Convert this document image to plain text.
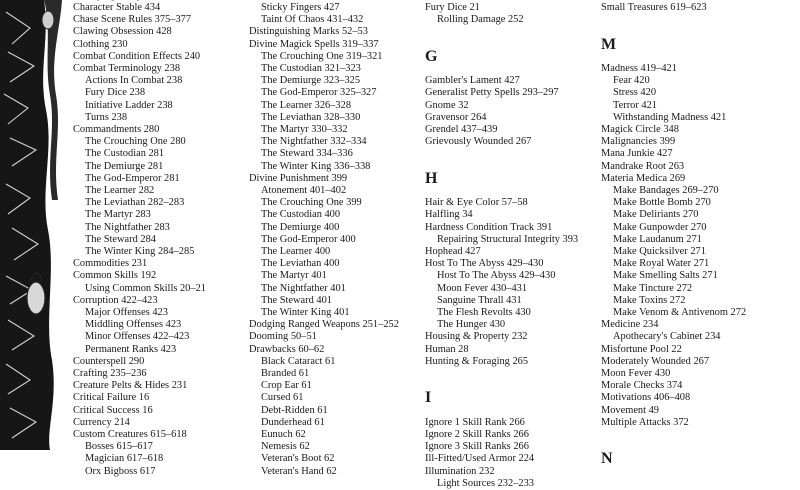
Character Stable 434
Chase Scene Rules 375–377
Clawing Obsession 428
Clothing 230
Combat Condition Effects 240
Combat Terminology 238
Actions In Combat 238
Fury Dice 238
Initiative Ladder 238
Turns 238
Commandments 280
The Crouching One 280
The Custodian 281
The Demiurge 281
The God-Emperor 281
The Learner 282
The Leviathan 282–283
The Martyr 283
The Nightfather 283
The Steward 284
The Winter King 284–285
Commodities 231
Common Skills 192
Using Common Skills 20–21
Corruption 422–423
Major Offenses 423
Middling Offenses 423
Minor Offenses 422–423
Permanent Ranks 423
Counterspell 290
Crafting 235–236
Creature Pelts & Hides 231
Critical Failure 16
Critical Success 16
Currency 214
Custom Creatures 615–618
Bosses 615–617
Magician 617–618
Orx Bigboss 617
Sticky Fingers 427
Taint Of Chaos 431–432
Distinguishing Marks 52–53
Divine Magick Spells 319–337
The Crouching One 319–321
The Custodian 321–323
The Demiurge 323–325
The God-Emperor 325–327
The Learner 326–328
The Leviathan 328–330
The Martyr 330–332
The Nightfather 332–334
The Steward 334–336
The Winter King 336–338
Divine Punishment 399
Atonement 401–402
The Crouching One 399
The Custodian 400
The Demiurge 400
The God-Emperor 400
The Learner 400
The Leviathan 400
The Martyr 401
The Nightfather 401
The Steward 401
The Winter King 401
Dodging Ranged Weapons 251–252
Dooming 50–51
Drawbacks 60–62
Black Cataract 61
Branded 61
Crop Ear 61
Cursed 61
Debt-Ridden 61
Dunderhead 61
Eunuch 62
Nemesis 62
Veteran's Boot 62
Veteran's Hand 62
Fury Dice 21
Rolling Damage 252
G
Gambler's Lament 427
Generalist Petty Spells 293–297
Gnome 32
Gravensor 264
Grendel 437–439
Grievously Wounded 267
H
Hair & Eye Color 57–58
Halfling 34
Hardness Condition Track 391
Repairing Structural Integrity 393
Hophead 427
Host To The Abyss 429–430
Host To The Abyss 429–430
Moon Fever 430–431
Sanguine Thrall 431
The Flesh Revolts 430
The Hunger 430
Housing & Property 232
Human 28
Hunting & Foraging 265
I
Ignore 1 Skill Rank 266
Ignore 2 Skill Ranks 266
Ignore 3 Skill Ranks 266
Ill-Fitted/Used Armor 224
Illumination 232
Light Sources 232–233
Small Treasures 619–623
M
Madness 419–421
Fear 420
Stress 420
Terror 421
Withstanding Madness 421
Magick Circle 348
Malignancies 399
Mana Junkie 427
Mandrake Root 263
Materia Medica 269
Make Bandages 269–270
Make Bottle Bomb 270
Make Deliriants 270
Make Gunpowder 270
Make Laudanum 271
Make Quicksilver 271
Make Royal Water 271
Make Smelling Salts 271
Make Tincture 272
Make Toxins 272
Make Venom & Antivenom 272
Medicine 234
Apothecary's Cabinet 234
Misfortune Pool 22
Moderately Wounded 267
Moon Fever 430
Morale Checks 374
Motivations 406–408
Movement 49
Multiple Attacks 372
N
